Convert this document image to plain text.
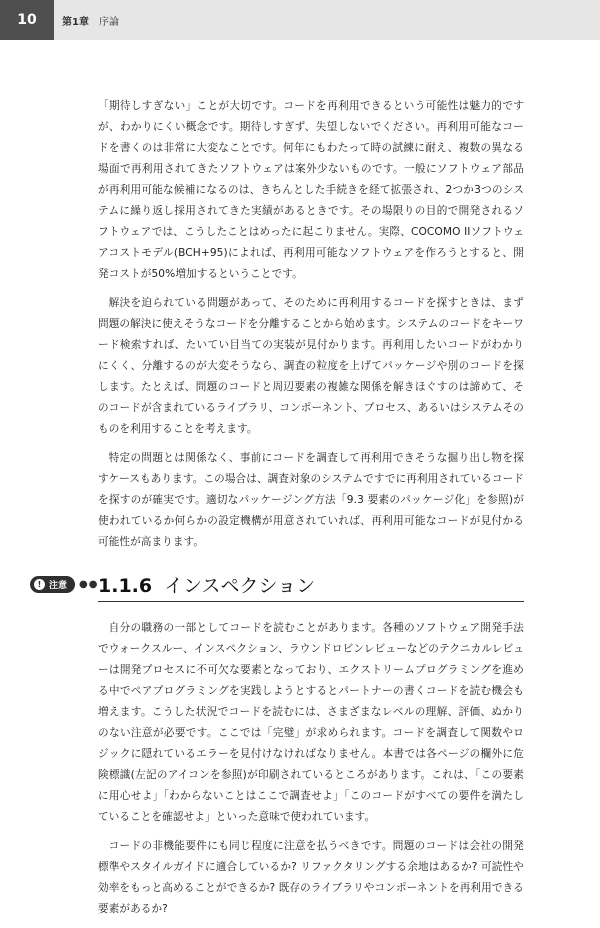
10	第1章 序論
! 注意 ●●

「期待しすぎない」ことが大切です。コードを再利用できるという可能性は魅力的ですが、わかりにくい概念です。期待しすぎず、失望しないでください。再利用可能なコードを書くのは非常に大変なことです。何年にもわたって時の試練に耐え、複数の異なる場面で再利用されてきたソフトウェアは案外少ないものです。一般にソフトウェア部品が再利用可能な候補になるのは、きちんとした手続きを経て拡張され、2つか3つのシステムに繰り返し採用されてきた実績があるときです。その場限りの目的で開発されるソフトウェアでは、こうしたことはめったに起こりません。実際、COCOMO IIソフトウェアコストモデル(BCH+95)によれば、再利用可能なソフトウェアを作ろうとすると、開発コストが50%増加するということです。

解決を迫られている問題があって、そのために再利用するコードを探すときは、まず問題の解決に使えそうなコードを分離することから始めます。システムのコードをキーワード検索すれば、たいてい目当ての実装が見付かります。再利用したいコードがわかりにくく、分離するのが大変そうなら、調査の粒度を上げてパッケージや別のコードを探します。たとえば、問題のコードと周辺要素の複雑な関係を解きほぐすのは諦めて、そのコードが含まれているライブラリ、コンポーネント、プロセス、あるいはシステムそのものを利用することを考えます。

特定の問題とは関係なく、事前にコードを調査して再利用できそうな掘り出し物を探すケースもあります。この場合は、調査対象のシステムですでに再利用されているコードを探すのが確実です。適切なパッケージング方法「9.3 要素のパッケージ化」を参照)が使われているか何らかの設定機構が用意されていれば、再利用可能なコードが見付かる可能性が高まります。

1.1.6 インスペクション

自分の職務の一部としてコードを読むことがあります。各種のソフトウェア開発手法でウォークスルー、インスペクション、ラウンドロビンレビューなどのテクニカルレビューは開発プロセスに不可欠な要素となっており、エクストリームプログラミングを進める中でペアプログラミングを実践しようとするとパートナーの書くコードを読む機会も増えます。こうした状況でコードを読むには、さまざまなレベルの理解、評価、ぬかりのない注意が必要です。ここでは「完璧」が求められます。コードを調査して関数やロジックに隠れているエラーを見付けなければなりません。本書では各ページの欄外に危険標識(左記のアイコンを参照)が印刷されているところがあります。これは、「この要素に用心せよ」「わからないことはここで調査せよ」「このコードがすべての要件を満たしていることを確認せよ」といった意味で使われています。

コードの非機能要件にも同じ程度に注意を払うべきです。問題のコードは会社の開発標準やスタイルガイドに適合しているか? リファクタリングする余地はあるか? 可読性や効率をもっと高めることができるか? 既存のライブラリやコンポーネントを再利用できる要素があるか?
